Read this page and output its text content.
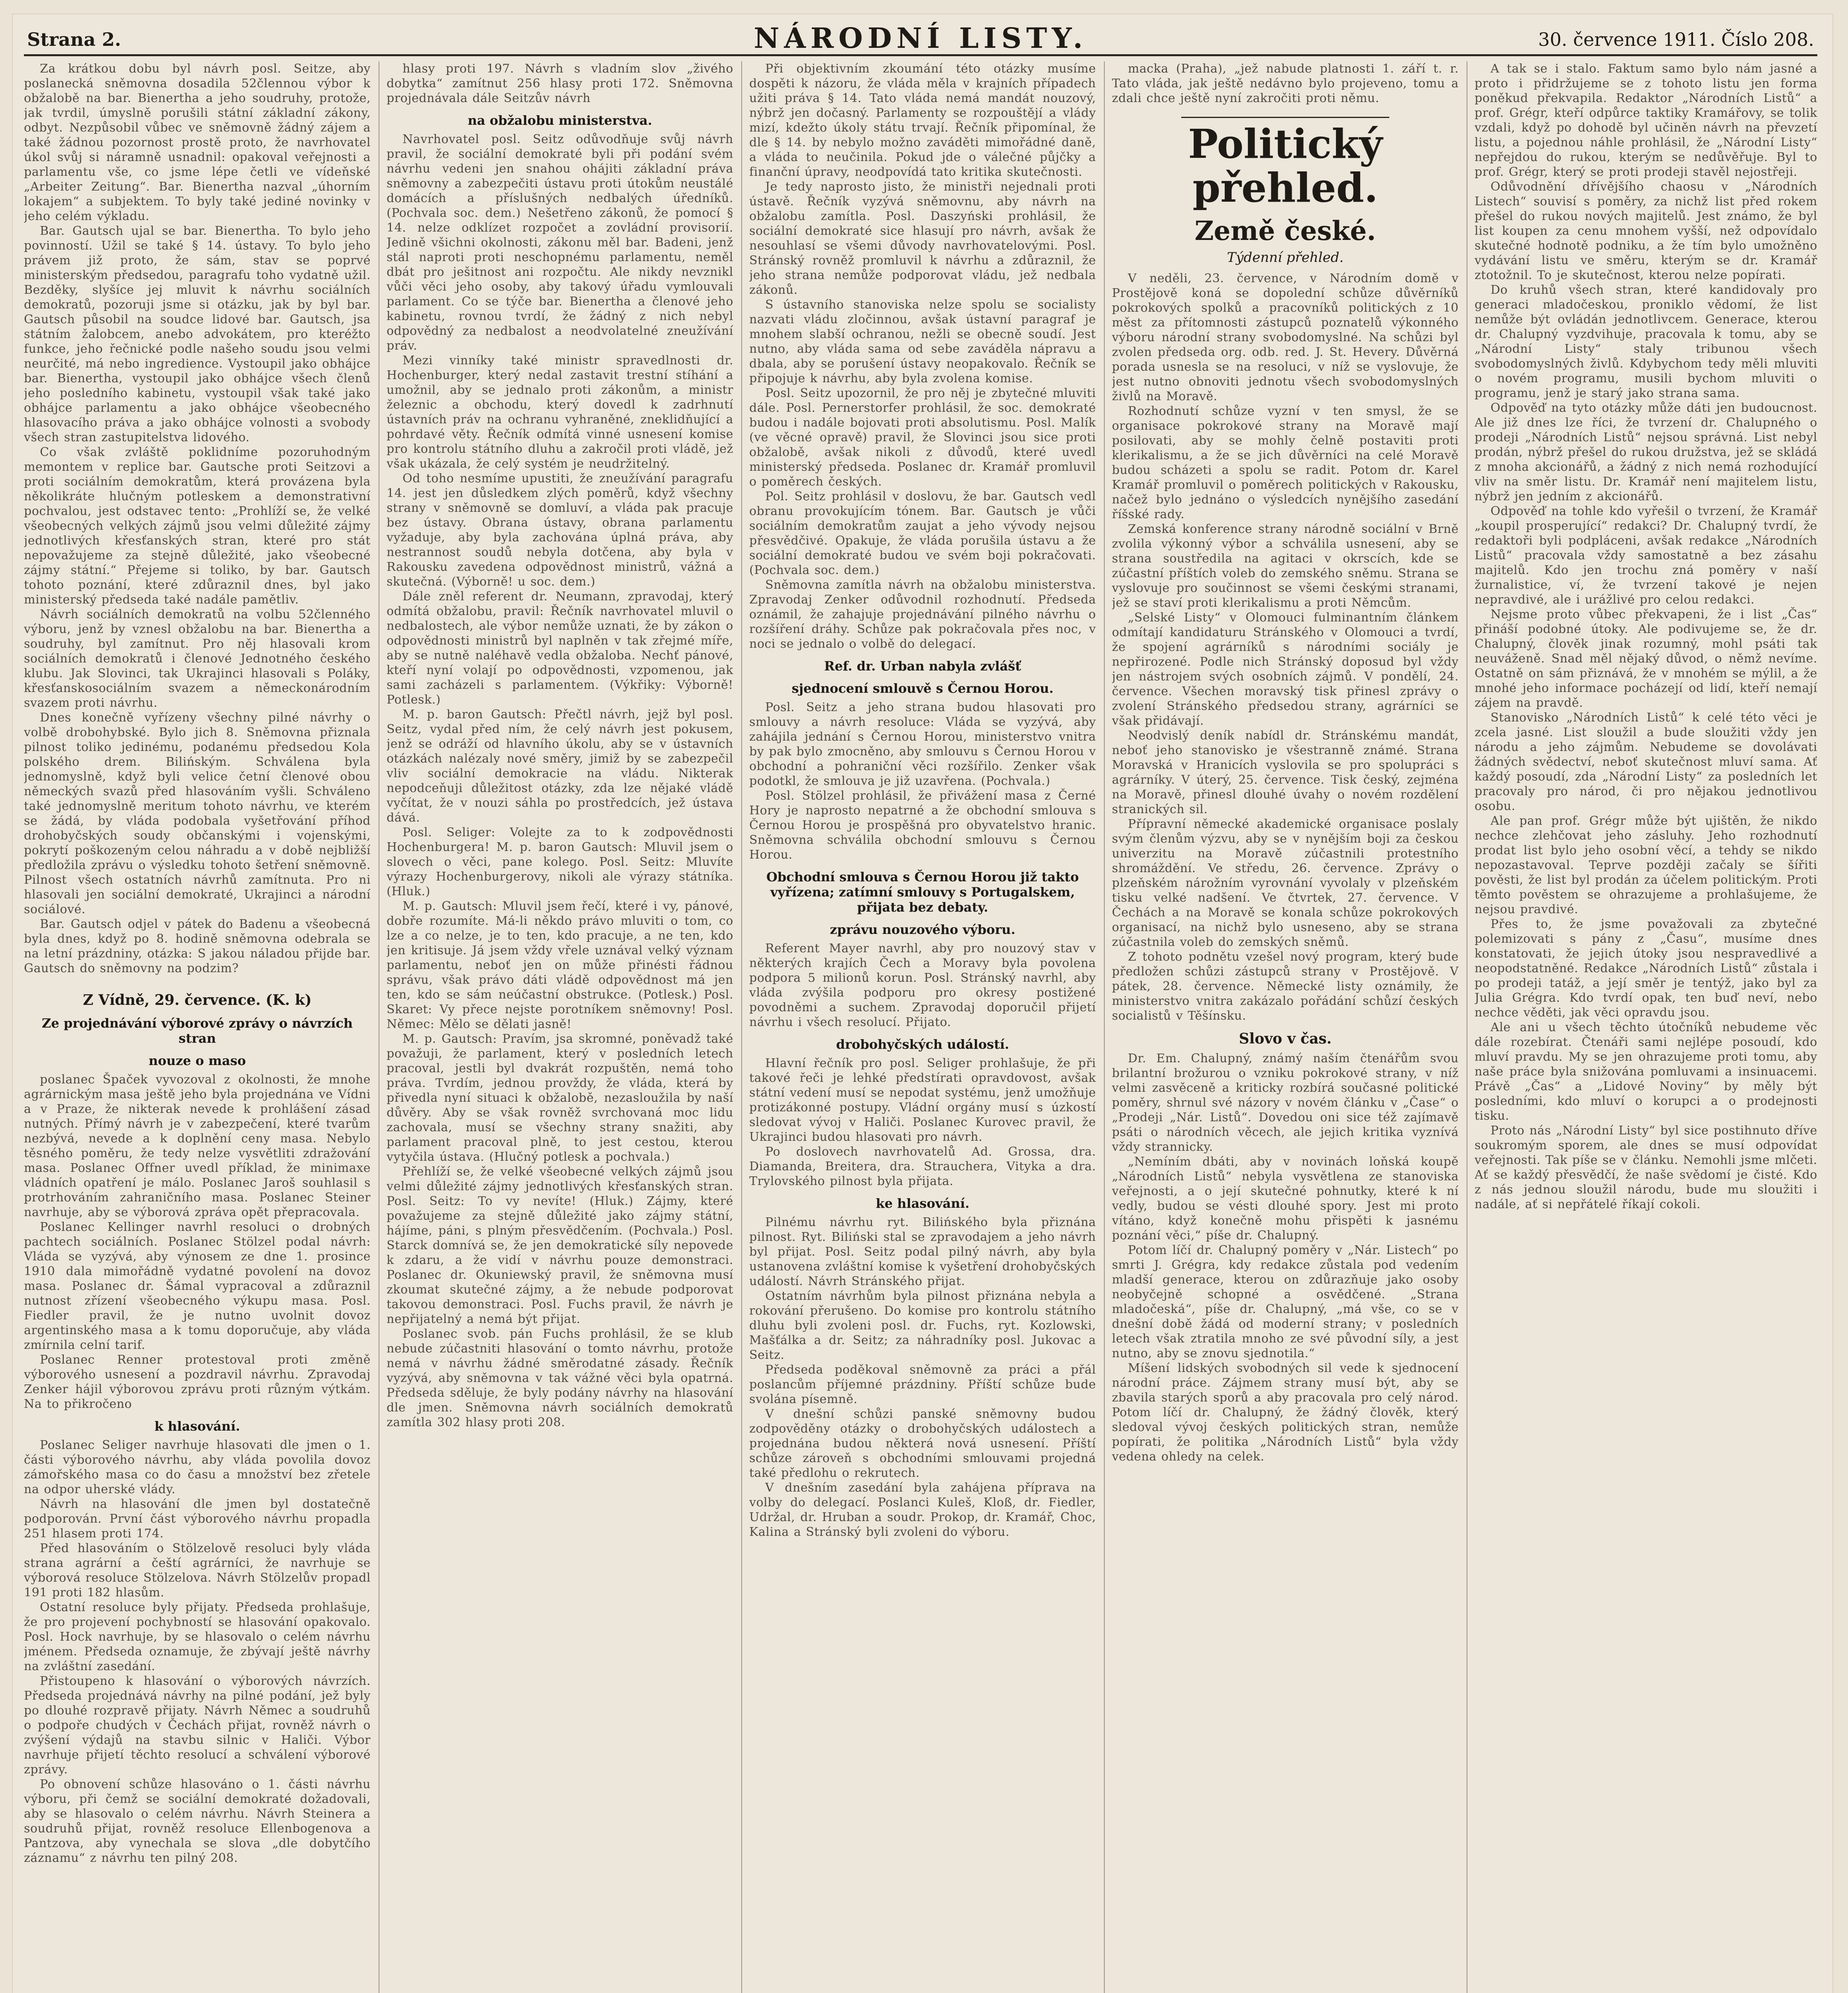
Strana 2.	NÁRODNÍ LISTY.	30. července 1911. Číslo 208.

Za krátkou dobu byl návrh posl. Seitze, aby poslanecká sněmovna dosadila 52člennou výbor k obžalobě na bar. Bienertha a jeho soudruhy, protože, jak tvrdil, úmyslně porušili státní základní zákony, odbyt. Nezpůsobil vůbec ve sněmovně žádný zájem a také žádnou pozornost prostě proto, že navrhovatel úkol svůj si náramně usnadnil: opakoval veřejnosti a parlamentu vše, co jsme lépe četli ve vídeňské „Arbeiter Zeitung“. Bar. Bienertha nazval „úhorním lokajem“ a subjektem. To byly také jediné novinky v jeho celém výkladu.

Bar. Gautsch ujal se bar. Bienertha. To bylo jeho povinností. Užil se také § 14. ústavy. To bylo jeho právem již proto, že sám, stav se poprvé ministerským předsedou, paragrafu toho vydatně užil. Bezděky, slyšíce jej mluvit k návrhu sociálních demokratů, pozoruji jsme si otázku, jak by byl bar. Gautsch působil na soudce lidové bar. Gautsch, jsa státním žalobcem, anebo advokátem, pro kteréžto funkce, jeho řečnické podle našeho soudu jsou velmi neurčité, má nebo ingredience. Vystoupil jako obhájce bar. Bienertha, vystoupil jako obhájce všech členů jeho posledního kabinetu, vystoupil však také jako obhájce parlamentu a jako obhájce všeobecného hlasovacího práva a jako obhájce volnosti a svobody všech stran zastupitelstva lidového.

Co však zvláště poklidníme pozoruhodným memontem v replice bar. Gautsche proti Seitzovi a proti sociálním demokratům, která provázena byla několikráte hlučným potleskem a demonstrativní pochvalou, jest odstavec tento: „Prohlíží se, že velké všeobecných velkých zájmů jsou velmi důležité zájmy jednotlivých křesťanských stran, které pro stát nepovažujeme za stejně důležité, jako všeobecné zájmy státní.“ Přejeme si toliko, by bar. Gautsch tohoto poznání, které zdůraznil dnes, byl jako ministerský předseda také nadále pamětliv.

Návrh sociálních demokratů na volbu 52členného výboru, jenž by vznesl obžalobu na bar. Bienertha a soudruhy, byl zamítnut. Pro něj hlasovali krom sociálních demokratů i členové Jednotného českého klubu. Jak Slovinci, tak Ukrajinci hlasovali s Poláky, křesťanskosociálním svazem a německonárodním svazem proti návrhu.

Dnes konečně vyřízeny všechny pilné návrhy o volbě drobohybské. Bylo jich 8. Sněmovna přiznala pilnost toliko jedinému, podanému předsedou Kola polského drem. Bilińským. Schválena byla jednomyslně, když byli velice četní členové obou německých svazů před hlasováním vyšli. Schváleno také jednomyslně meritum tohoto návrhu, ve kterém se žádá, by vláda podobala vyšetřování příhod drohobyčských soudy občanskými i vojenskými, pokrytí poškozeným celou náhradu a v době nejbližší předložila zprávu o výsledku tohoto šetření sněmovně. Pilnost všech ostatních návrhů zamítnuta. Pro ni hlasovali jen sociální demokraté, Ukrajinci a národní sociálové.

Bar. Gautsch odjel v pátek do Badenu a všeobecná byla dnes, když po 8. hodině sněmovna odebrala se na letní prázdniny, otázka: S jakou náladou přijde bar. Gautsch do sněmovny na podzim?

Z Vídně, 29. července. (K. k)
Ze projednávání výborové zprávy o návrzích stran
nouze o maso

poslanec Špaček vyvozoval z okolnosti, že mnohe agrárnickým masa ještě jeho byla projednána ve Vídni a v Praze, že nikterak nevede k prohlášení zásad nutných. Přímý návrh je v zabezpečení, které tvarům nezbývá, nevede a k doplnění ceny masa. Nebylo těsného poměru, že tedy nelze vysvětliti zdražování masa. Poslanec Offner uvedl příklad, že minimaxe vládních opatření je málo. Poslanec Jaroš souhlasil s protrhováním zahraničního masa. Poslanec Steiner navrhuje, aby se výborová zpráva opět přepracovala.

Poslanec Kellinger navrhl resoluci o drobných pachtech sociálních. Poslanec Stölzel podal návrh: Vláda se vyzývá, aby výnosem ze dne 1. prosince 1910 dala mimořádně vydatné povolení na dovoz masa. Poslanec dr. Šámal vypracoval a zdůraznil nutnost zřízení všeobecného výkupu masa. Posl. Fiedler pravil, že je nutno uvolnit dovoz argentinského masa a k tomu doporučuje, aby vláda zmírnila celní tarif.

Poslanec Renner protestoval proti změně výborového usnesení a pozdravil návrhu. Zpravodaj Zenker hájil výborovou zprávu proti různým výtkám. Na to přikročeno

k hlasování.

Poslanec Seliger navrhuje hlasovati dle jmen o 1. části výborového návrhu, aby vláda povolila dovoz zámořského masa co do času a množství bez zřetele na odpor uherské vlády.

Návrh na hlasování dle jmen byl dostatečně podporován. První část výborového návrhu propadla 251 hlasem proti 174.

Před hlasováním o Stölzelově resoluci byly vláda strana agrární a čeští agrárníci, že navrhuje se výborová resoluce Stölzelova. Návrh Stölzelův propadl 191 proti 182 hlasům.

Ostatní resoluce byly přijaty. Předseda prohlašuje, že pro projevení pochybností se hlasování opakovalo. Posl. Hock navrhuje, by se hlasovalo o celém návrhu jménem. Předseda oznamuje, že zbývají ještě návrhy na zvláštní zasedání.

Přistoupeno k hlasování o výborových návrzích. Předseda projednává návrhy na pilné podání, jež byly po dlouhé rozpravě přijaty. Návrh Němec a soudruhů o podpoře chudých v Čechách přijat, rovněž návrh o zvýšení výdajů na stavbu silnic v Haliči. Výbor navrhuje přijetí těchto resolucí a schválení výborové zprávy.

Po obnovení schůze hlasováno o 1. části návrhu výboru, při čemž se sociální demokraté dožadovali, aby se hlasovalo o celém návrhu. Návrh Steinera a soudruhů přijat, rovněž resoluce Ellenbogenova a Pantzova, aby vynechala se slova „dle dobytčího záznamu“ z návrhu ten pilný 208.

hlasy proti 197. Návrh s vladním slov „živého dobytka“ zamítnut 256 hlasy proti 172. Sněmovna projednávala dále Seitzův návrh

na obžalobu ministerstva.

Navrhovatel posl. Seitz odůvodňuje svůj návrh pravil, že sociální demokraté byli při podání svém návrhu vedeni jen snahou ohájiti základní práva sněmovny a zabezpečiti ústavu proti útokům neustálé domácích a příslušných nedbalých úředníků. (Pochvala soc. dem.) Nešetřeno zákonů, že pomocí § 14. nelze odklízet rozpočet a zovládní provisorií. Jedině všichni okolnosti, zákonu měl bar. Badeni, jenž stál naproti proti neschopnému parlamentu, neměl dbát pro ješitnost ani rozpočtu. Ale nikdy nevznikl vůči věci jeho osoby, aby takový úřadu vymlouvali parlament. Co se týče bar. Bienertha a členové jeho kabinetu, rovnou tvrdí, že žádný z nich nebyl odpovědný za nedbalost a neodvolatelné zneužívání práv.

Mezi vinníky také ministr spravedlnosti dr. Hochenburger, který nedal zastavit trestní stíhání a umožnil, aby se jednalo proti zákonům, a ministr železnic a obchodu, který dovedl k zadrhnutí ústavních práv na ochranu vyhraněné, zneklidňující a pohrdavé věty. Řečník odmítá vinné usnesení komise pro kontrolu státního dluhu a zakročil proti vládě, jež však ukázala, že celý systém je neudržitelný.

Od toho nesmíme upustiti, že zneužívání paragrafu 14. jest jen důsledkem zlých poměrů, když všechny strany v sněmovně se domluví, a vláda pak pracuje bez ústavy. Obrana ústavy, obrana parlamentu vyžaduje, aby byla zachována úplná práva, aby nestrannost soudů nebyla dotčena, aby byla v Rakousku zavedena odpovědnost ministrů, vážná a skutečná. (Výborně! u soc. dem.)

Dále zněl referent dr. Neumann, zpravodaj, který odmítá obžalobu, pravil: Řečník navrhovatel mluvil o nedbalostech, ale výbor nemůže uznati, že by zákon o odpovědnosti ministrů byl naplněn v tak zřejmé míře, aby se nutně naléhavě vedla obžaloba. Nechť pánové, kteří nyní volají po odpovědnosti, vzpomenou, jak sami zacházeli s parlamentem. (Výkřiky: Výborně! Potlesk.)

M. p. baron Gautsch: Přečtl návrh, jejž byl posl. Seitz, vydal před ním, že celý návrh jest pokusem, jenž se odráží od hlavního úkolu, aby se v ústavních otázkách nalézaly nové směry, jimiž by se zabezpečil vliv sociální demokracie na vládu. Nikterak nepodceňuji důležitost otázky, zda lze nějaké vládě vyčítat, že v nouzi sáhla po prostředcích, jež ústava dává.

Posl. Seliger: Volejte za to k zodpovědnosti Hochenburgera! M. p. baron Gautsch: Mluvil jsem o slovech o věci, pane kolego. Posl. Seitz: Mluvíte výrazy Hochenburgerovy, nikoli ale výrazy státníka. (Hluk.)

M. p. Gautsch: Mluvil jsem řečí, které i vy, pánové, dobře rozumíte. Má-li někdo právo mluviti o tom, co lze a co nelze, je to ten, kdo pracuje, a ne ten, kdo jen kritisuje. Já jsem vždy vřele uznával velký význam parlamentu, neboť jen on může přinésti řádnou správu, však právo dáti vládě odpovědnost má jen ten, kdo se sám neúčastní obstrukce. (Potlesk.) Posl. Skaret: Vy přece nejste porotníkem sněmovny! Posl. Němec: Mělo se dělati jasně!

M. p. Gautsch: Pravím, jsa skromné, poněvadž také považuji, že parlament, který v posledních letech pracoval, jestli byl dvakrát rozpuštěn, nemá toho práva. Tvrdím, jednou provždy, že vláda, která by přivedla nyní situaci k obžalobě, nezasloužila by naší důvěry. Aby se však rovněž svrchovaná moc lidu zachovala, musí se všechny strany snažiti, aby parlament pracoval plně, to jest cestou, kterou vytyčila ústava. (Hlučný potlesk a pochvala.)

Přehlíží se, že velké všeobecné velkých zájmů jsou velmi důležité zájmy jednotlivých křesťanských stran. Posl. Seitz: To vy nevíte! (Hluk.) Zájmy, které považujeme za stejně důležité jako zájmy státní, hájíme, páni, s plným přesvědčením. (Pochvala.) Posl. Starck domnívá se, že jen demokratické síly nepovede k zdaru, a že vidí v návrhu pouze demonstraci. Poslanec dr. Okuniewský pravil, že sněmovna musí zkoumat skutečné zájmy, a že nebude podporovat takovou demonstraci. Posl. Fuchs pravil, že návrh je nepřijatelný a nemá být přijat.

Poslanec svob. pán Fuchs prohlásil, že se klub nebude zúčastniti hlasování o tomto návrhu, protože nemá v návrhu žádné směrodatné zásady. Řečník vyzývá, aby sněmovna v tak vážné věci byla opatrná. Předseda sděluje, že byly podány návrhy na hlasování dle jmen. Sněmovna návrh sociálních demokratů zamítla 302 hlasy proti 208.

Při objektivním zkoumání této otázky musíme dospěti k názoru, že vláda měla v krajních případech užiti práva § 14. Tato vláda nemá mandát nouzový, nýbrž jen dočasný. Parlamenty se rozpouštějí a vlády mizí, kdežto úkoly státu trvají. Řečník připomínal, že dle § 14. by nebylo možno zaváděti mimořádné daně, a vláda to neučinila. Pokud jde o válečné půjčky a finanční úpravy, neodpovídá tato kritika skutečnosti.

Je tedy naprosto jisto, že ministři nejednali proti ústavě. Řečník vyzývá sněmovnu, aby návrh na obžalobu zamítla. Posl. Daszyński prohlásil, že sociální demokraté sice hlasují pro návrh, avšak že nesouhlasí se všemi důvody navrhovatelovými. Posl. Stránský rovněž promluvil k návrhu a zdůraznil, že jeho strana nemůže podporovat vládu, jež nedbala zákonů.

S ústavního stanoviska nelze spolu se socialisty nazvati vládu zločinnou, avšak ústavní paragraf je mnohem slabší ochranou, nežli se obecně soudí. Jest nutno, aby vláda sama od sebe zaváděla nápravu a dbala, aby se porušení ústavy neopakovalo. Řečník se připojuje k návrhu, aby byla zvolena komise.

Posl. Seitz upozornil, že pro něj je zbytečné mluviti dále. Posl. Pernerstorfer prohlásil, že soc. demokraté budou i nadále bojovati proti absolutismu. Posl. Malík (ve věcné opravě) pravil, že Slovinci jsou sice proti obžalobě, avšak nikoli z důvodů, které uvedl ministerský předseda. Poslanec dr. Kramář promluvil o poměrech českých.

Pol. Seitz prohlásil v doslovu, že bar. Gautsch vedl obranu provokujícím tónem. Bar. Gautsch je vůči sociálním demokratům zaujat a jeho vývody nejsou přesvědčivé. Opakuje, že vláda porušila ústavu a že sociální demokraté budou ve svém boji pokračovati. (Pochvala soc. dem.)

Sněmovna zamítla návrh na obžalobu ministerstva. Zpravodaj Zenker odůvodnil rozhodnutí. Předseda oznámil, že zahajuje projednávání pilného návrhu o rozšíření dráhy. Schůze pak pokračovala přes noc, v noci se jednalo o volbě do delegací.

Ref. dr. Urban nabyla zvlášť
sjednocení smlouvě s Černou Horou.

Posl. Seitz a jeho strana budou hlasovati pro smlouvy a návrh resoluce: Vláda se vyzývá, aby zahájila jednání s Černou Horou, ministerstvo vnitra by pak bylo zmocněno, aby smlouvu s Černou Horou v obchodní a pohraniční věci rozšířilo. Zenker však podotkl, že smlouva je již uzavřena. (Pochvala.)

Posl. Stölzel prohlásil, že přivážení masa z Černé Hory je naprosto nepatrné a že obchodní smlouva s Černou Horou je prospěšná pro obyvatelstvo hranic. Sněmovna schválila obchodní smlouvu s Černou Horou.

Obchodní smlouva s Černou Horou již takto vyřízena; zatímní smlouvy s Portugalskem, přijata bez debaty.
zprávu nouzového výboru.

Referent Mayer navrhl, aby pro nouzový stav v některých krajích Čech a Moravy byla povolena podpora 5 milionů korun. Posl. Stránský navrhl, aby vláda zvýšila podporu pro okresy postižené povodněmi a suchem. Zpravodaj doporučil přijetí návrhu i všech resolucí. Přijato.

drobohyčských událostí.

Hlavní řečník pro posl. Seliger prohlašuje, že při takové řeči je lehké předstírati opravdovost, avšak státní vedení musí se nepodat systému, jenž umožňuje protizákonné postupy. Vládní orgány musí s úzkostí sledovat vývoj v Haliči. Poslanec Kurovec pravil, že Ukrajinci budou hlasovati pro návrh.

Po doslovech navrhovatelů Ad. Grossa, dra. Diamanda, Breitera, dra. Straucherа, Vityka a dra. Trylovského pilnost byla přijata.

ke hlasování.

Pilnému návrhu ryt. Bilińského byla přiznána pilnost. Ryt. Biliński stal se zpravodajem a jeho návrh byl přijat. Posl. Seitz podal pilný návrh, aby byla ustanovena zvláštní komise k vyšetření drohobyčských událostí. Návrh Stránského přijat.

Ostatním návrhům byla pilnost přiznána nebyla a rokování přerušeno. Do komise pro kontrolu státního dluhu byli zvoleni posl. dr. Fuchs, ryt. Kozlowski, Mašťálka a dr. Seitz; za náhradníky posl. Jukovac a Seitz.

Předseda poděkoval sněmovně za práci a přál poslancům příjemné prázdniny. Příští schůze bude svolána písemně.

V dnešní schůzi panské sněmovny budou zodpověděny otázky o drobohyčských událostech a projednána budou některá nová usnesení. Příští schůze zároveň s obchodními smlouvami projedná také předlohu o rekrutech.

V dnešním zasedání byla zahájena příprava na volby do delegací. Poslanci Kuleš, Kloß, dr. Fiedler, Udržal, dr. Hruban a soudr. Prokop, dr. Kramář, Choc, Kalina a Stránský byli zvoleni do výboru.

macka (Praha), „jež nabude platnosti 1. září t. r. Tato vláda, jak ještě nedávno bylo projeveno, tomu a zdali chce ještě nyní zakročiti proti němu.

Politický přehled.
Země české.
Týdenní přehled.

V neděli, 23. července, v Národním domě v Prostějově koná se dopolední schůze důvěrníků pokrokových spolků a pracovníků politických z 10 měst za přítomnosti zástupců poznatelů výkonného výboru národní strany svobodomyslné. Na schůzi byl zvolen předseda org. odb. red. J. St. Hevery. Důvěrná porada usnesla se na resoluci, v níž se vyslovuje, že jest nutno obnoviti jednotu všech svobodomyslných živlů na Moravě.

Rozhodnutí schůze vyzní v ten smysl, že se organisace pokrokové strany na Moravě mají posilovati, aby se mohly čelně postaviti proti klerikalismu, a že se jich důvěrníci na celé Moravě budou scházeti a spolu se radit. Potom dr. Karel Kramář promluvil o poměrech politických v Rakousku, načež bylo jednáno o výsledcích nynějšího zasedání říšské rady.

Zemská konference strany národně sociální v Brně zvolila výkonný výbor a schválila usnesení, aby se strana soustředila na agitaci v okrscích, kde se zúčastní příštích voleb do zemského sněmu. Strana se vyslovuje pro součinnost se všemi českými stranami, jež se staví proti klerikalismu a proti Němcům.

„Selské Listy“ v Olomouci fulminantním článkem odmítají kandidaturu Stránského v Olomouci a tvrdí, že spojení agrárníků s národními sociály je nepřirozené. Podle nich Stránský doposud byl vždy jen nástrojem svých osobních zájmů. V pondělí, 24. července. Všechen moravský tisk přinesl zprávy o zvolení Stránského předsedou strany, agrárníci se však přidávají.

Neodvislý deník nabídl dr. Stránskému mandát, neboť jeho stanovisko je všestranně známé. Strana Moravská v Hranicích vyslovila se pro spolupráci s agrárníky. V úterý, 25. července. Tisk český, zejména na Moravě, přinesl dlouhé úvahy o novém rozdělení stranických sil.

Přípravní německé akademické organisace poslaly svým členům výzvu, aby se v nynějším boji za českou univerzitu na Moravě zúčastnili protestního shromáždění. Ve středu, 26. července. Zprávy o plzeňském nárožním vyrovnání vyvolaly v plzeňském tisku velké nadšení. Ve čtvrtek, 27. července. V Čechách a na Moravě se konala schůze pokrokových organisací, na nichž bylo usneseno, aby se strana zúčastnila voleb do zemských sněmů.

Z tohoto podnětu vzešel nový program, který bude předložen schůzi zástupců strany v Prostějově. V pátek, 28. července. Německé listy oznámily, že ministerstvo vnitra zakázalo pořádání schůzí českých socialistů v Těšínsku.

Slovo v čas.

Dr. Em. Chalupný, známý naším čtenářům svou brilantní brožurou o vzniku pokrokové strany, v níž velmi zasvěceně a kriticky rozbírá současné politické poměry, shrnul své názory v novém článku v „Čase“ o „Prodeji „Nár. Listů“. Dovedou oni sice též zajímavě psáti o národních věcech, ale jejich kritika vyznívá vždy strannicky.

„Nemíním dbáti, aby v novinách loňská koupě „Národních Listů“ nebyla vysvětlena ze stanoviska veřejnosti, a o její skutečné pohnutky, které k ní vedly, budou se vésti dlouhé spory. Jest mi proto vítáno, když konečně mohu přispěti k jasnému poznání věci,“ píše dr. Chalupný.

Potom líčí dr. Chalupný poměry v „Nár. Listech“ po smrti J. Grégra, kdy redakce zůstala pod vedením mladší generace, kterou on zdůrazňuje jako osoby neobyčejně schopné a osvědčené. „Strana mladočeská“, píše dr. Chalupný, „má vše, co se v dnešní době žádá od moderní strany; v posledních letech však ztratila mnoho ze své původní síly, a jest nutno, aby se znovu sjednotila.“

Míšení lidských svobodných sil vede k sjednocení národní práce. Zájmem strany musí být, aby se zbavila starých sporů a aby pracovala pro celý národ. Potom líčí dr. Chalupný, že žádný člověk, který sledoval vývoj českých politických stran, nemůže popírati, že politika „Národních Listů“ byla vždy vedena ohledy na celek.

A tak se i stalo. Faktum samo bylo nám jasné a proto i přidržujeme se z tohoto listu jen forma poněkud překvapila. Redaktor „Národních Listů“ a prof. Grégr, kteří odpůrce taktiky Kramářovy, se tolik vzdali, když po dohodě byl učiněn návrh na převzetí listu, a pojednou náhle prohlásil, že „Národní Listy“ nepřejdou do rukou, kterým se nedůvěřuje. Byl to prof. Grégr, který se proti prodeji stavěl nejostřeji.

Odůvodnění dřívějšího chaosu v „Národních Listech“ souvisí s poměry, za nichž list před rokem přešel do rukou nových majitelů. Jest známo, že byl list koupen za cenu mnohem vyšší, než odpovídalo skutečné hodnotě podniku, a že tím bylo umožněno vydávání listu ve směru, kterým se dr. Kramář ztotožnil. To je skutečnost, kterou nelze popírati.

Do kruhů všech stran, které kandidovaly pro generaci mladočeskou, proniklo vědomí, že list nemůže být ovládán jednotlivcem. Generace, kterou dr. Chalupný vyzdvihuje, pracovala k tomu, aby se „Národní Listy“ staly tribunou všech svobodomyslných živlů. Kdybychom tedy měli mluviti o novém programu, musili bychom mluviti o programu, jenž je starý jako strana sama.

Odpověď na tyto otázky může dáti jen budoucnost. Ale již dnes lze říci, že tvrzení dr. Chalupného o prodeji „Národních Listů“ nejsou správná. List nebyl prodán, nýbrž přešel do rukou družstva, jež se skládá z mnoha akcionářů, a žádný z nich nemá rozhodující vliv na směr listu. Dr. Kramář není majitelem listu, nýbrž jen jedním z akcionářů.

Odpověď na tohle kdo vyřešil o tvrzení, že Kramář „koupil prosperující“ redakci? Dr. Chalupný tvrdí, že redaktoři byli podpláceni, avšak redakce „Národních Listů“ pracovala vždy samostatně a bez zásahu majitelů. Kdo jen trochu zná poměry v naší žurnalistice, ví, že tvrzení takové je nejen nepravdivé, ale i urážlivé pro celou redakci.

Nejsme proto vůbec překvapeni, že i list „Čas“ přináší podobné útoky. Ale podivujeme se, že dr. Chalupný, člověk jinak rozumný, mohl psáti tak neuváženě. Snad měl nějaký důvod, o němž nevíme. Ostatně on sám přiznává, že v mnohém se mýlil, a že mnohé jeho informace pocházejí od lidí, kteří nemají zájem na pravdě.

Stanovisko „Národních Listů“ k celé této věci je zcela jasné. List sloužil a bude sloužiti vždy jen národu a jeho zájmům. Nebudeme se dovolávati žádných svědectví, neboť skutečnost mluví sama. Ať každý posoudí, zda „Národní Listy“ za posledních let pracovaly pro národ, či pro nějakou jednotlivou osobu.

Ale pan prof. Grégr může být ujištěn, že nikdo nechce zlehčovat jeho zásluhy. Jeho rozhodnutí prodat list bylo jeho osobní věcí, a tehdy se nikdo nepozastavoval. Teprve později začaly se šířiti pověsti, že list byl prodán za účelem politickým. Proti těmto pověstem se ohrazujeme a prohlašujeme, že nejsou pravdivé.

Přes to, že jsme považovali za zbytečné polemizovati s pány z „Času“, musíme dnes konstatovati, že jejich útoky jsou nespravedlivé a neopodstatněné. Redakce „Národních Listů“ zůstala i po prodeji tatáž, a její směr je tentýž, jako byl za Julia Grégra. Kdo tvrdí opak, ten buď neví, nebo nechce věděti, jak věci opravdu jsou.

Ale ani u všech těchto útočníků nebudeme věc dále rozebírat. Čtenáři sami nejlépe posoudí, kdo mluví pravdu. My se jen ohrazujeme proti tomu, aby naše práce byla snižována pomluvami a insinuacemi. Právě „Čas“ a „Lidové Noviny“ by měly být posledními, kdo mluví o korupci a o prodejnosti tisku.

Proto nás „Národní Listy“ byl sice postihnuto dříve soukromým sporem, ale dnes se musí odpovídat veřejnosti. Tak píše se v článku. Nemohli jsme mlčeti. Ať se každý přesvědčí, že naše svědomí je čisté. Kdo z nás jednou sloužil národu, bude mu sloužiti i nadále, ať si nepřátelé říkají cokoli.
